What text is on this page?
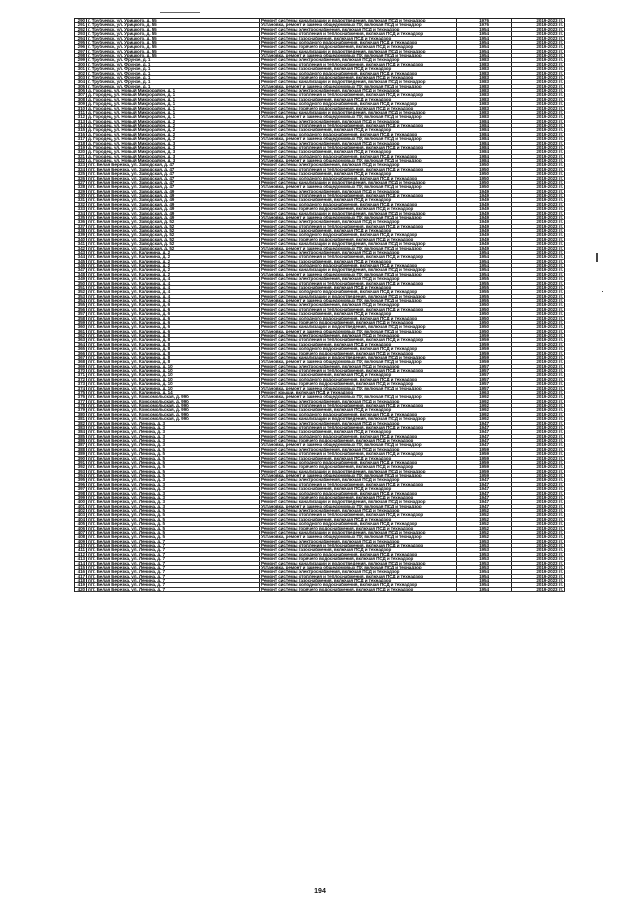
290 г. Трубчевск, ул. Урицкого, д. 55	Ремонт системы канализации и водоотведения, включая ПСД и технадзор	1976	2019-2023 гг.
291 г. Трубчевск, ул. Урицкого, д. 55	Установка, ремонт и замена общедомовых ПУ, включая ПСД и технадзор	1976	2019-2023 гг.
292 г. Трубчевск, ул. Урицкого, д. 55	Ремонт системы электроснабжения, включая ПСД и технадзор	1954	2019-2023 гг.
293 г. Трубчевск, ул. Урицкого, д. 55	Ремонт системы отопления и теплоснабжения, включая ПСД и технадзор	1954	2019-2023 гг.
294 г. Трубчевск, ул. Урицкого, д. 55	Ремонт системы газоснабжения, включая ПСД и технадзор	1954	2019-2023 гг.
295 г. Трубчевск, ул. Урицкого, д. 55	Ремонт системы холодного водоснабжения, включая ПСД и технадзор	1954	2019-2023 гг.
296 г. Трубчевск, ул. Урицкого, д. 55	Ремонт системы горячего водоснабжения, включая ПСД и технадзор	1954	2019-2023 гг.
297 г. Трубчевск, ул. Урицкого, д. 55	Ремонт системы канализации и водоотведения, включая ПСД и технадзор	1954	2019-2023 гг.
298 г. Трубчевск, ул. Урицкого, д. 55	Установка, ремонт и замена общедомовых ПУ, включая ПСД и технадзор	1954	2019-2023 гг.
299 г. Трубчевск, ул. Фрунзе, д. 1	Ремонт системы электроснабжения, включая ПСД и технадзор	1983	2019-2023 гг.
300 г. Трубчевск, ул. Фрунзе, д. 1	Ремонт системы отопления и теплоснабжения, включая ПСД и технадзор	1983	2019-2023 гг.
301 г. Трубчевск, ул. Фрунзе, д. 1	Ремонт системы газоснабжения, включая ПСД и технадзор	1983	2019-2023 гг.
302 г. Трубчевск, ул. Фрунзе, д. 1	Ремонт системы холодного водоснабжения, включая ПСД и технадзор	1983	2019-2023 гг.
303 г. Трубчевск, ул. Фрунзе, д. 1	Ремонт системы горячего водоснабжения, включая ПСД и технадзор	1983	2019-2023 гг.
304 г. Трубчевск, ул. Фрунзе, д. 1	Ремонт системы канализации и водоотведения, включая ПСД и технадзор	1983	2019-2023 гг.
305 г. Трубчевск, ул. Фрунзе, д. 1	Установка, ремонт и замена общедомовых ПУ, включая ПСД и технадзор	1983	2019-2023 гг.
306 д. Городец, ул. Новый Микрорайон, д. 1	Ремонт системы электроснабжения, включая ПСД и технадзор	1983	2019-2023 гг.
307 д. Городец, ул. Новый Микрорайон, д. 1	Ремонт системы отопления и теплоснабжения, включая ПСД и технадзор	1983	2019-2023 гг.
308 д. Городец, ул. Новый Микрорайон, д. 1	Ремонт системы газоснабжения, включая ПСД и технадзор	1983	2019-2023 гг.
309 д. Городец, ул. Новый Микрорайон, д. 1	Ремонт системы холодного водоснабжения, включая ПСД и технадзор	1983	2019-2023 гг.
310 д. Городец, ул. Новый Микрорайон, д. 1	Ремонт системы горячего водоснабжения, включая ПСД и технадзор	1983	2019-2023 гг.
311 д. Городец, ул. Новый Микрорайон, д. 1	Ремонт системы канализации и водоотведения, включая ПСД и технадзор	1983	2019-2023 гг.
312 д. Городец, ул. Новый Микрорайон, д. 1	Установка, ремонт и замена общедомовых ПУ, включая ПСД и технадзор	1983	2019-2023 гг.
313 д. Городец, ул. Новый Микрорайон, д. 2	Ремонт системы электроснабжения, включая ПСД и технадзор	1984	2019-2023 гг.
314 д. Городец, ул. Новый Микрорайон, д. 2	Ремонт системы отопления и теплоснабжения, включая ПСД и технадзор	1984	2019-2023 гг.
315 д. Городец, ул. Новый Микрорайон, д. 2	Ремонт системы газоснабжения, включая ПСД и технадзор	1984	2019-2023 гг.
316 д. Городец, ул. Новый Микрорайон, д. 2	Ремонт системы холодного водоснабжения, включая ПСД и технадзор	1984	2019-2023 гг.
317 д. Городец, ул. Новый Микрорайон, д. 2	Установка, ремонт и замена общедомовых ПУ, включая ПСД и технадзор	1984	2019-2023 гг.
318 д. Городец, ул. Новый Микрорайон, д. 3	Ремонт системы электроснабжения, включая ПСД и технадзор	1984	2019-2023 гг.
319 д. Городец, ул. Новый Микрорайон, д. 3	Ремонт системы отопления и теплоснабжения, включая ПСД и технадзор	1984	2019-2023 гг.
320 д. Городец, ул. Новый Микрорайон, д. 3	Ремонт системы газоснабжения, включая ПСД и технадзор	1984	2019-2023 гг.
321 д. Городец, ул. Новый Микрорайон, д. 3	Ремонт системы холодного водоснабжения, включая ПСД и технадзор	1984	2019-2023 гг.
322 д. Городец, ул. Новый Микрорайон, д. 3	Установка, ремонт и замена общедомовых ПУ, включая ПСД и технадзор	1984	2019-2023 гг.
323 пгт. Белая Березка, ул. Заводская, д. 47	Ремонт системы электроснабжения, включая ПСД и технадзор	1950	2019-2023 гг.
324 пгт. Белая Березка, ул. Заводская, д. 47	Ремонт системы отопления и теплоснабжения, включая ПСД и технадзор	1950	2019-2023 гг.
325 пгт. Белая Березка, ул. Заводская, д. 47	Ремонт системы газоснабжения, включая ПСД и технадзор	1950	2019-2023 гг.
326 пгт. Белая Березка, ул. Заводская, д. 47	Ремонт системы холодного водоснабжения, включая ПСД и технадзор	1950	2019-2023 гг.
327 пгт. Белая Березка, ул. Заводская, д. 47	Ремонт системы канализации и водоотведения, включая ПСД и технадзор	1950	2019-2023 гг.
328 пгт. Белая Березка, ул. Заводская, д. 47	Установка, ремонт и замена общедомовых ПУ, включая ПСД и технадзор	1950	2019-2023 гг.
329 пгт. Белая Березка, ул. Заводская, д. 49	Ремонт системы электроснабжения, включая ПСД и технадзор	1949	2019-2023 гг.
330 пгт. Белая Березка, ул. Заводская, д. 49	Ремонт системы отопления и теплоснабжения, включая ПСД и технадзор	1949	2019-2023 гг.
331 пгт. Белая Березка, ул. Заводская, д. 49	Ремонт системы газоснабжения, включая ПСД и технадзор	1949	2019-2023 гг.
332 пгт. Белая Березка, ул. Заводская, д. 49	Ремонт системы холодного водоснабжения, включая ПСД и технадзор	1949	2019-2023 гг.
333 пгт. Белая Березка, ул. Заводская, д. 49	Ремонт системы горячего водоснабжения, включая ПСД и технадзор	1949	2019-2023 гг.
334 пгт. Белая Березка, ул. Заводская, д. 49	Ремонт системы канализации и водоотведения, включая ПСД и технадзор	1949	2019-2023 гг.
335 пгт. Белая Березка, ул. Заводская, д. 49	Установка, ремонт и замена общедомовых ПУ, включая ПСД и технадзор	1949	2019-2023 гг.
336 пгт. Белая Березка, ул. Заводская, д. 52	Ремонт системы электроснабжения, включая ПСД и технадзор	1949	2019-2023 гг.
337 пгт. Белая Березка, ул. Заводская, д. 52	Ремонт системы отопления и теплоснабжения, включая ПСД и технадзор	1949	2019-2023 гг.
338 пгт. Белая Березка, ул. Заводская, д. 52	Ремонт системы газоснабжения, включая ПСД и технадзор	1949	2019-2023 гг.
339 пгт. Белая Березка, ул. Заводская, д. 52	Ремонт системы холодного водоснабжения, включая ПСД и технадзор	1949	2019-2023 гг.
340 пгт. Белая Березка, ул. Заводская, д. 52	Ремонт системы горячего водоснабжения, включая ПСД и технадзор	1949	2019-2023 гг.
341 пгт. Белая Березка, ул. Заводская, д. 52	Ремонт системы канализации и водоотведения, включая ПСД и технадзор	1949	2019-2023 гг.
342 пгт. Белая Березка, ул. Заводская, д. 52	Установка, ремонт и замена общедомовых ПУ, включая ПСД и технадзор	1949	2019-2023 гг.
343 пгт. Белая Березка, ул. Калинина, д. 2	Ремонт системы электроснабжения, включая ПСД и технадзор	1954	2019-2023 гг.
344 пгт. Белая Березка, ул. Калинина, д. 2	Ремонт системы отопления и теплоснабжения, включая ПСД и технадзор	1954	2019-2023 гг.
345 пгт. Белая Березка, ул. Калинина, д. 2	Ремонт системы газоснабжения, включая ПСД и технадзор	1954	2019-2023 гг.
346 пгт. Белая Березка, ул. Калинина, д. 2	Ремонт системы холодного водоснабжения, включая ПСД и технадзор	1954	2019-2023 гг.
347 пгт. Белая Березка, ул. Калинина, д. 2	Ремонт системы канализации и водоотведения, включая ПСД и технадзор	1954	2019-2023 гг.
348 пгт. Белая Березка, ул. Калинина, д. 2	Установка, ремонт и замена общедомовых ПУ, включая ПСД и технадзор	1954	2019-2023 гг.
349 пгт. Белая Березка, ул. Калинина, д. 4	Ремонт системы электроснабжения, включая ПСД и технадзор	1955	2019-2023 гг.
350 пгт. Белая Березка, ул. Калинина, д. 4	Ремонт системы отопления и теплоснабжения, включая ПСД и технадзор	1955	2019-2023 гг.
351 пгт. Белая Березка, ул. Калинина, д. 4	Ремонт системы газоснабжения, включая ПСД и технадзор	1955	2019-2023 гг.
352 пгт. Белая Березка, ул. Калинина, д. 4	Ремонт системы холодного водоснабжения, включая ПСД и технадзор	1955	2019-2023 гг.
353 пгт. Белая Березка, ул. Калинина, д. 4	Ремонт системы канализации и водоотведения, включая ПСД и технадзор	1955	2019-2023 гг.
354 пгт. Белая Березка, ул. Калинина, д. 4	Установка, ремонт и замена общедомовых ПУ, включая ПСД и технадзор	1955	2019-2023 гг.
355 пгт. Белая Березка, ул. Калинина, д. 6	Ремонт системы электроснабжения, включая ПСД и технадзор	1950	2019-2023 гг.
356 пгт. Белая Березка, ул. Калинина, д. 6	Ремонт системы отопления и теплоснабжения, включая ПСД и технадзор	1950	2019-2023 гг.
357 пгт. Белая Березка, ул. Калинина, д. 6	Ремонт системы газоснабжения, включая ПСД и технадзор	1950	2019-2023 гг.
358 пгт. Белая Березка, ул. Калинина, д. 6	Ремонт системы холодного водоснабжения, включая ПСД и технадзор	1950	2019-2023 гг.
359 пгт. Белая Березка, ул. Калинина, д. 6	Ремонт системы горячего водоснабжения, включая ПСД и технадзор	1950	2019-2023 гг.
360 пгт. Белая Березка, ул. Калинина, д. 6	Ремонт системы канализации и водоотведения, включая ПСД и технадзор	1950	2019-2023 гг.
361 пгт. Белая Березка, ул. Калинина, д. 6	Установка, ремонт и замена общедомовых ПУ, включая ПСД и технадзор	1950	2019-2023 гг.
362 пгт. Белая Березка, ул. Калинина, д. 8	Ремонт системы электроснабжения, включая ПСД и технадзор	1959	2019-2023 гг.
363 пгт. Белая Березка, ул. Калинина, д. 8	Ремонт системы отопления и теплоснабжения, включая ПСД и технадзор	1959	2019-2023 гг.
364 пгт. Белая Березка, ул. Калинина, д. 8	Ремонт системы газоснабжения, включая ПСД и технадзор	1959	2019-2023 гг.
365 пгт. Белая Березка, ул. Калинина, д. 8	Ремонт системы холодного водоснабжения, включая ПСД и технадзор	1959	2019-2023 гг.
366 пгт. Белая Березка, ул. Калинина, д. 8	Ремонт системы горячего водоснабжения, включая ПСД и технадзор	1959	2019-2023 гг.
367 пгт. Белая Березка, ул. Калинина, д. 8	Ремонт системы канализации и водоотведения, включая ПСД и технадзор	1959	2019-2023 гг.
368 пгт. Белая Березка, ул. Калинина, д. 8	Установка, ремонт и замена общедомовых ПУ, включая ПСД и технадзор	1959	2019-2023 гг.
369 пгт. Белая Березка, ул. Калинина, д. 10	Ремонт системы электроснабжения, включая ПСД и технадзор	1957	2019-2023 гг.
370 пгт. Белая Березка, ул. Калинина, д. 10	Ремонт системы отопления и теплоснабжения, включая ПСД и технадзор	1957	2019-2023 гг.
371 пгт. Белая Березка, ул. Калинина, д. 10	Ремонт системы газоснабжения, включая ПСД и технадзор	1957	2019-2023 гг.
372 пгт. Белая Березка, ул. Калинина, д. 10	Ремонт системы холодного водоснабжения, включая ПСД и технадзор	1957	2019-2023 гг.
373 пгт. Белая Березка, ул. Калинина, д. 10	Ремонт системы горячего водоснабжения, включая ПСД и технадзор	1957	2019-2023 гг.
374 пгт. Белая Березка, ул. Калинина, д. 10	Установка, ремонт и замена общедомовых ПУ, включая ПСД и технадзор	1957	2019-2023 гг.
375 пгт. Белая Березка, ул. Калинина, д. 14	Ремонт крыши, включая ПСД и технадзор	1963	2019-2023 гг.
376 пгт. Белая Березка, ул. Комсомольская, д. 99б	Установка, ремонт и замена общедомовых ПУ, включая ПСД и технадзор	1992	2019-2023 гг.
377 пгт. Белая Березка, ул. Комсомольская, д. 99б	Ремонт системы электроснабжения, включая ПСД и технадзор	1992	2019-2023 гг.
378 пгт. Белая Березка, ул. Комсомольская, д. 99б	Ремонт системы отопления и теплоснабжения, включая ПСД и технадзор	1992	2019-2023 гг.
379 пгт. Белая Березка, ул. Комсомольская, д. 99б	Ремонт системы газоснабжения, включая ПСД и технадзор	1992	2019-2023 гг.
380 пгт. Белая Березка, ул. Комсомольская, д. 99б	Ремонт системы холодного водоснабжения, включая ПСД и технадзор	1992	2019-2023 гг.
381 пгт. Белая Березка, ул. Комсомольская, д. 99б	Ремонт системы канализации и водоотведения, включая ПСД и технадзор	1992	2019-2023 гг.
382 пгт. Белая Березка, ул. Ленина, д. 3	Ремонт системы электроснабжения, включая ПСД и технадзор	1947	2019-2023 гг.
383 пгт. Белая Березка, ул. Ленина, д. 3	Ремонт системы отопления и теплоснабжения, включая ПСД и технадзор	1947	2019-2023 гг.
384 пгт. Белая Березка, ул. Ленина, д. 3	Ремонт системы газоснабжения, включая ПСД и технадзор	1947	2019-2023 гг.
385 пгт. Белая Березка, ул. Ленина, д. 3	Ремонт системы холодного водоснабжения, включая ПСД и технадзор	1947	2019-2023 гг.
386 пгт. Белая Березка, ул. Ленина, д. 3	Ремонт системы горячего водоснабжения, включая ПСД и технадзор	1947	2019-2023 гг.
387 пгт. Белая Березка, ул. Ленина, д. 3	Установка, ремонт и замена общедомовых ПУ, включая ПСД и технадзор	1947	2019-2023 гг.
388 пгт. Белая Березка, ул. Ленина, д. 5	Ремонт системы электроснабжения, включая ПСД и технадзор	1959	2019-2023 гг.
389 пгт. Белая Березка, ул. Ленина, д. 5	Ремонт системы отопления и теплоснабжения, включая ПСД и технадзор	1959	2019-2023 гг.
390 пгт. Белая Березка, ул. Ленина, д. 5	Ремонт системы газоснабжения, включая ПСД и технадзор	1959	2019-2023 гг.
391 пгт. Белая Березка, ул. Ленина, д. 5	Ремонт системы холодного водоснабжения, включая ПСД и технадзор	1959	2019-2023 гг.
392 пгт. Белая Березка, ул. Ленина, д. 5	Ремонт системы горячего водоснабжения, включая ПСД и технадзор	1959	2019-2023 гг.
393 пгт. Белая Березка, ул. Ленина, д. 5	Ремонт системы канализации и водоотведения, включая ПСД и технадзор	1959	2019-2023 гг.
394 пгт. Белая Березка, ул. Ленина, д. 5	Установка, ремонт и замена общедомовых ПУ, включая ПСД и технадзор	1959	2019-2023 гг.
395 пгт. Белая Березка, ул. Ленина, д. 3	Ремонт системы электроснабжения, включая ПСД и технадзор	1947	2019-2023 гг.
396 пгт. Белая Березка, ул. Ленина, д. 3	Ремонт системы отопления и теплоснабжения, включая ПСД и технадзор	1947	2019-2023 гг.
397 пгт. Белая Березка, ул. Ленина, д. 3	Ремонт системы газоснабжения, включая ПСД и технадзор	1947	2019-2023 гг.
398 пгт. Белая Березка, ул. Ленина, д. 3	Ремонт системы холодного водоснабжения, включая ПСД и технадзор	1947	2019-2023 гг.
399 пгт. Белая Березка, ул. Ленина, д. 3	Ремонт системы горячего водоснабжения, включая ПСД и технадзор	1947	2019-2023 гг.
400 пгт. Белая Березка, ул. Ленина, д. 3	Ремонт системы канализации и водоотведения, включая ПСД и технадзор	1947	2019-2023 гг.
401 пгт. Белая Березка, ул. Ленина, д. 3	Установка, ремонт и замена общедомовых ПУ, включая ПСД и технадзор	1947	2019-2023 гг.
402 пгт. Белая Березка, ул. Ленина, д. 5	Ремонт системы электроснабжения, включая ПСД и технадзор	1952	2019-2023 гг.
403 пгт. Белая Березка, ул. Ленина, д. 5	Ремонт системы отопления и теплоснабжения, включая ПСД и технадзор	1952	2019-2023 гг.
404 пгт. Белая Березка, ул. Ленина, д. 5	Ремонт системы газоснабжения, включая ПСД и технадзор	1952	2019-2023 гг.
405 пгт. Белая Березка, ул. Ленина, д. 5	Ремонт системы холодного водоснабжения, включая ПСД и технадзор	1952	2019-2023 гг.
406 пгт. Белая Березка, ул. Ленина, д. 5	Ремонт системы горячего водоснабжения, включая ПСД и технадзор	1952	2019-2023 гг.
407 пгт. Белая Березка, ул. Ленина, д. 5	Ремонт системы канализации и водоотведения, включая ПСД и технадзор	1952	2019-2023 гг.
408 пгт. Белая Березка, ул. Ленина, д. 5	Установка, ремонт и замена общедомовых ПУ, включая ПСД и технадзор	1952	2019-2023 гг.
409 пгт. Белая Березка, ул. Ленина, д. 7	Ремонт системы электроснабжения, включая ПСД и технадзор	1953	2019-2023 гг.
410 пгт. Белая Березка, ул. Ленина, д. 7	Ремонт системы отопления и теплоснабжения, включая ПСД и технадзор	1953	2019-2023 гг.
411 пгт. Белая Березка, ул. Ленина, д. 7	Ремонт системы газоснабжения, включая ПСД и технадзор	1953	2019-2023 гг.
412 пгт. Белая Березка, ул. Ленина, д. 7	Ремонт системы холодного водоснабжения, включая ПСД и технадзор	1953	2019-2023 гг.
413 пгт. Белая Березка, ул. Ленина, д. 7	Ремонт системы горячего водоснабжения, включая ПСД и технадзор	1953	2019-2023 гг.
414 пгт. Белая Березка, ул. Ленина, д. 7	Ремонт системы канализации и водоотведения, включая ПСД и технадзор	1953	2019-2023 гг.
415 пгт. Белая Березка, ул. Ленина, д. 7	Установка, ремонт и замена общедомовых ПУ, включая ПСД и технадзор	1953	2019-2023 гг.
416 пгт. Белая Березка, ул. Ленина, д. 7	Ремонт системы электроснабжения, включая ПСД и технадзор	1954	2019-2023 гг.
417 пгт. Белая Березка, ул. Ленина, д. 7	Ремонт системы отопления и теплоснабжения, включая ПСД и технадзор	1954	2019-2023 гг.
418 пгт. Белая Березка, ул. Ленина, д. 7	Ремонт системы газоснабжения, включая ПСД и технадзор	1954	2019-2023 гг.
419 пгт. Белая Березка, ул. Ленина, д. 7	Ремонт системы холодного водоснабжения, включая ПСД и технадзор	1954	2019-2023 гг.
420 пгт. Белая Березка, ул. Ленина, д. 7	Ремонт системы горячего водоснабжения, включая ПСД и технадзор	1954	2019-2023 гг.
194
